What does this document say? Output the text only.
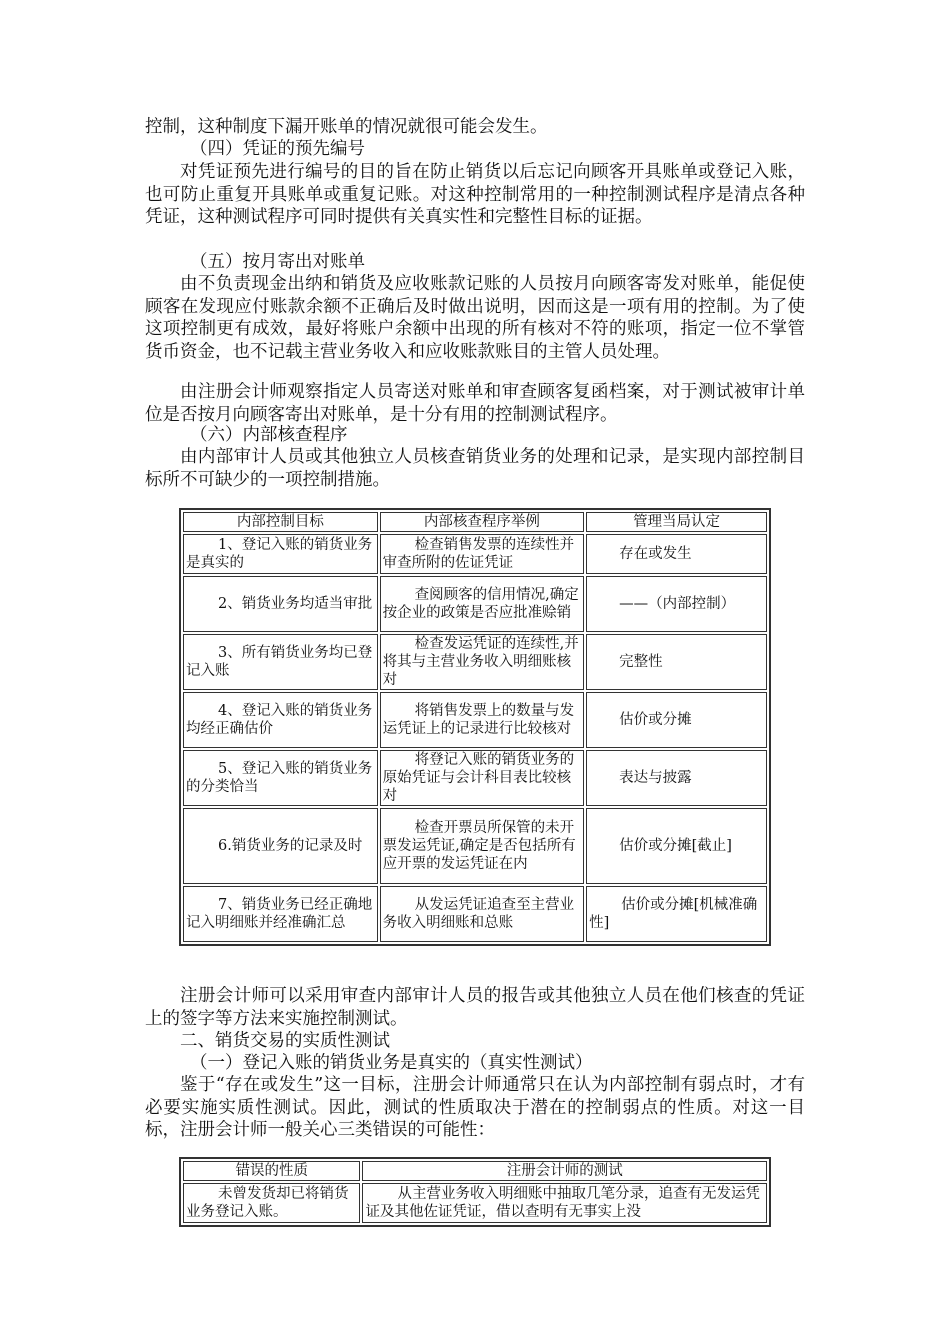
控制，这种制度下漏开账单的情况就很可能会发生。

（四）凭证的预先编号

对凭证预先进行编号的目的旨在防止销货以后忘记向顾客开具账单或登记入账，也可防止重复开具账单或重复记账。对这种控制常用的一种控制测试程序是清点各种凭证，这种测试程序可同时提供有关真实性和完整性目标的证据。

（五）按月寄出对账单

由不负责现金出纳和销货及应收账款记账的人员按月向顾客寄发对账单，能促使顾客在发现应付账款余额不正确后及时做出说明，因而这是一项有用的控制。为了使这项控制更有成效，最好将账户余额中出现的所有核对不符的账项，指定一位不掌管货币资金，也不记载主营业务收入和应收账款账目的主管人员处理。

由注册会计师观察指定人员寄送对账单和审查顾客复函档案，对于测试被审计单位是否按月向顾客寄出对账单，是十分有用的控制测试程序。

（六）内部核查程序

由内部审计人员或其他独立人员核查销货业务的处理和记录，是实现内部控制目标所不可缺少的一项控制措施。

内部控制目标	内部核查程序举例	管理当局认定

1、登记入账的销货业务是真实的	检查销售发票的连续性并审查所附的佐证凭证	存在或发生

2、销货业务均适当审批	查阅顾客的信用情况,确定按企业的政策是否应批准赊销	——（内部控制）

3、所有销货业务均已登记入账	检查发运凭证的连续性,并将其与主营业务收入明细账核对	完整性

4、登记入账的销货业务均经正确估价	将销售发票上的数量与发运凭证上的记录进行比较核对	估价或分摊

5、登记入账的销货业务的分类恰当	将登记入账的销货业务的原始凭证与会计科目表比较核对	表达与披露

6.销货业务的记录及时	检查开票员所保管的未开票发运凭证,确定是否包括所有应开票的发运凭证在内	估价或分摊[截止]

7、销货业务已经正确地记入明细账并经准确汇总	从发运凭证追查至主营业务收入明细账和总账	估价或分摊[机械准确性]

注册会计师可以采用审查内部审计人员的报告或其他独立人员在他们核查的凭证上的签字等方法来实施控制测试。

二、销货交易的实质性测试

（一）登记入账的销货业务是真实的（真实性测试）

鉴于“存在或发生”这一目标，注册会计师通常只在认为内部控制有弱点时，才有必要实施实质性测试。因此，测试的性质取决于潜在的控制弱点的性质。对这一目标，注册会计师一般关心三类错误的可能性：

错误的性质	注册会计师的测试

未曾发货却已将销货业务登记入账。	从主营业务收入明细账中抽取几笔分录，追查有无发运凭证及其他佐证凭证，借以查明有无事实上没
